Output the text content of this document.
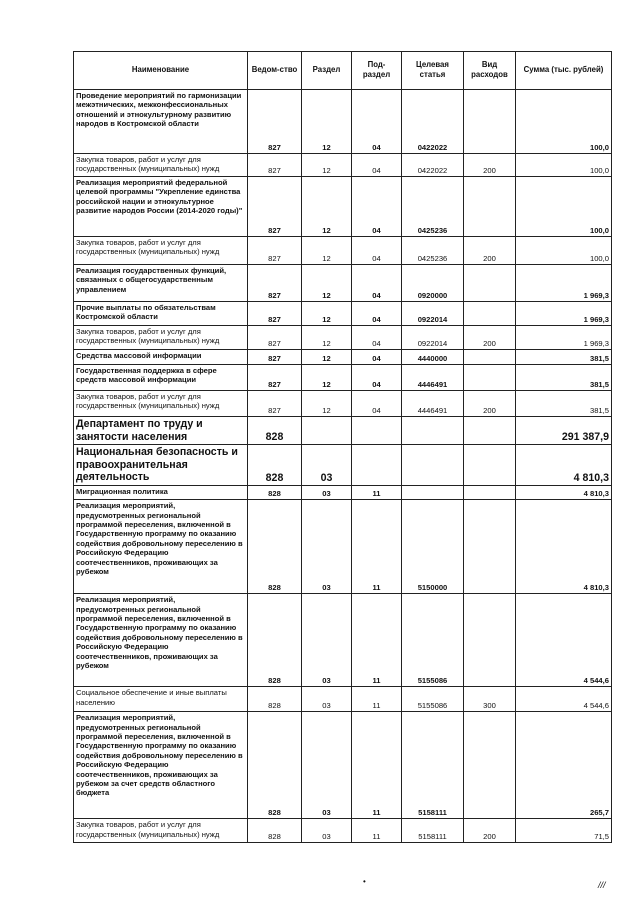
Наименование	Ведом-ство	Раздел	Под-раздел	Целевая статья	Вид расходов	Сумма (тыс. рублей)
Проведение мероприятий по гармонизации межэтнических, межконфессиональных отношений и этнокультурному развитию народов в Костромской области	827	12	04	0422022		100,0
Закупка товаров, работ и услуг для государственных (муниципальных) нужд	827	12	04	0422022	200	100,0
Реализация мероприятий федеральной целевой программы "Укрепление единства российской нации и этнокультурное развитие народов России (2014-2020 годы)"	827	12	04	0425236		100,0
Закупка товаров, работ и услуг для государственных (муниципальных) нужд	827	12	04	0425236	200	100,0
Реализация государственных функций, связанных с общегосударственным управлением	827	12	04	0920000		1 969,3
Прочие выплаты по обязательствам Костромской области	827	12	04	0922014		1 969,3
Закупка товаров, работ и услуг для государственных (муниципальных) нужд	827	12	04	0922014	200	1 969,3
Средства массовой информации	827	12	04	4440000		381,5
Государственная поддержка в сфере средств массовой информации	827	12	04	4446491		381,5
Закупка товаров, работ и услуг для государственных (муниципальных) нужд	827	12	04	4446491	200	381,5
Департамент по труду и занятости населения	828					291 387,9
Национальная безопасность и правоохранительная деятельность	828	03				4 810,3
Миграционная политика	828	03	11			4 810,3
Реализация мероприятий, предусмотренных региональной программой переселения, включенной в Государственную программу по оказанию содействия добровольному переселению в Российскую Федерацию соотечественников, проживающих за рубежом	828	03	11	5150000		4 810,3
Реализация мероприятий, предусмотренных региональной программой переселения, включенной в Государственную программу по оказанию содействия добровольному переселению в Российскую Федерацию соотечественников, проживающих за рубежом	828	03	11	5155086		4 544,6
Социальное обеспечение и иные выплаты населению	828	03	11	5155086	300	4 544,6
Реализация мероприятий, предусмотренных региональной программой переселения, включенной в Государственную программу по оказанию содействия добровольному переселению в Российскую Федерацию соотечественников, проживающих за рубежом за счет средств областного бюджета	828	03	11	5158111		265,7
Закупка товаров, работ и услуг для государственных (муниципальных) нужд	828	03	11	5158111	200	71,5
•	///
